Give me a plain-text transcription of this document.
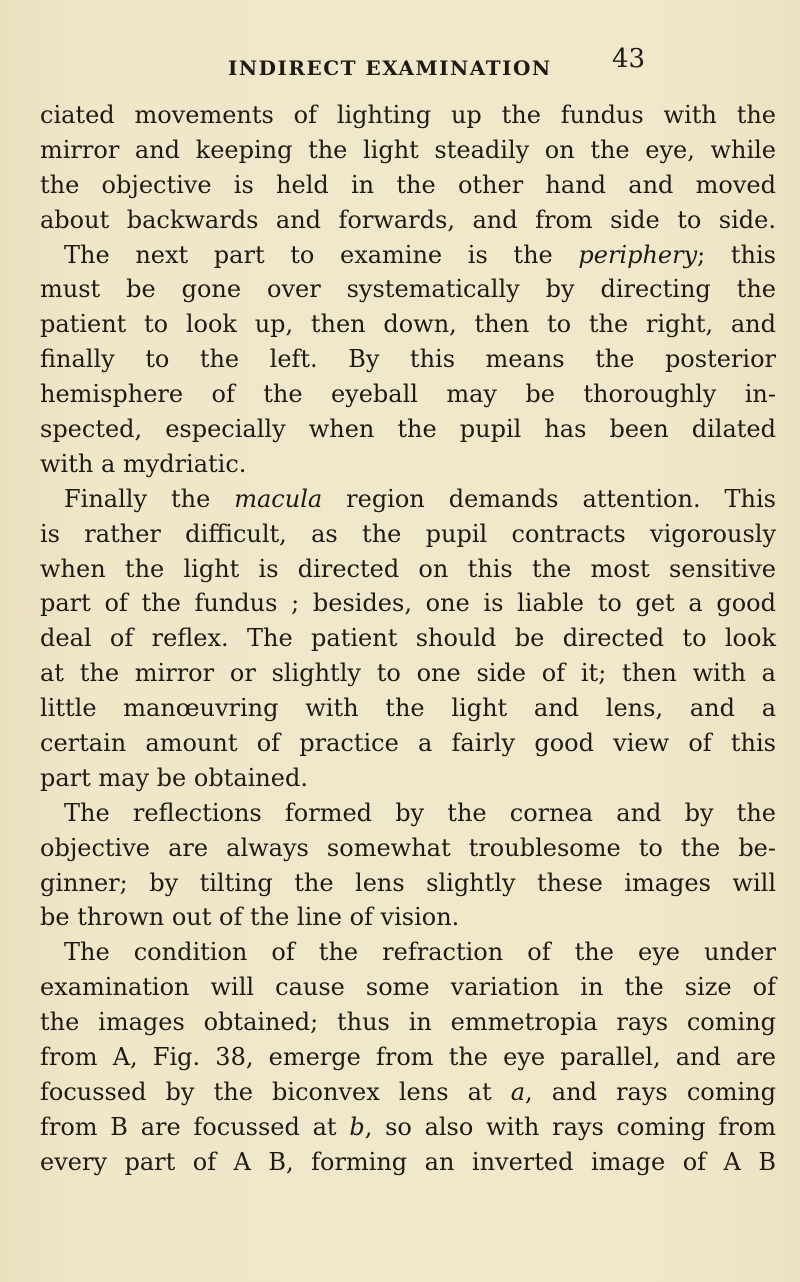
INDIRECT EXAMINATION 43
ciated movements of lighting up the fundus with the
mirror and keeping the light steadily on the eye, while
the objective is held in the other hand and moved
about backwards and forwards, and from side to side.
The next part to examine is the periphery; this
must be gone over systematically by directing the
patient to look up, then down, then to the right, and
finally to the left. By this means the posterior
hemisphere of the eyeball may be thoroughly in-
spected, especially when the pupil has been dilated
with a mydriatic.
Finally the macula region demands attention. This
is rather difficult, as the pupil contracts vigorously
when the light is directed on this the most sensitive
part of the fundus ; besides, one is liable to get a good
deal of reflex. The patient should be directed to look
at the mirror or slightly to one side of it; then with a
little manœuvring with the light and lens, and a
certain amount of practice a fairly good view of this
part may be obtained.
The reflections formed by the cornea and by the
objective are always somewhat troublesome to the be-
ginner; by tilting the lens slightly these images will
be thrown out of the line of vision.
The condition of the refraction of the eye under
examination will cause some variation in the size of
the images obtained; thus in emmetropia rays coming
from A, Fig. 38, emerge from the eye parallel, and are
focussed by the biconvex lens at a, and rays coming
from B are focussed at b, so also with rays coming from
every part of A B, forming an inverted image of A B
